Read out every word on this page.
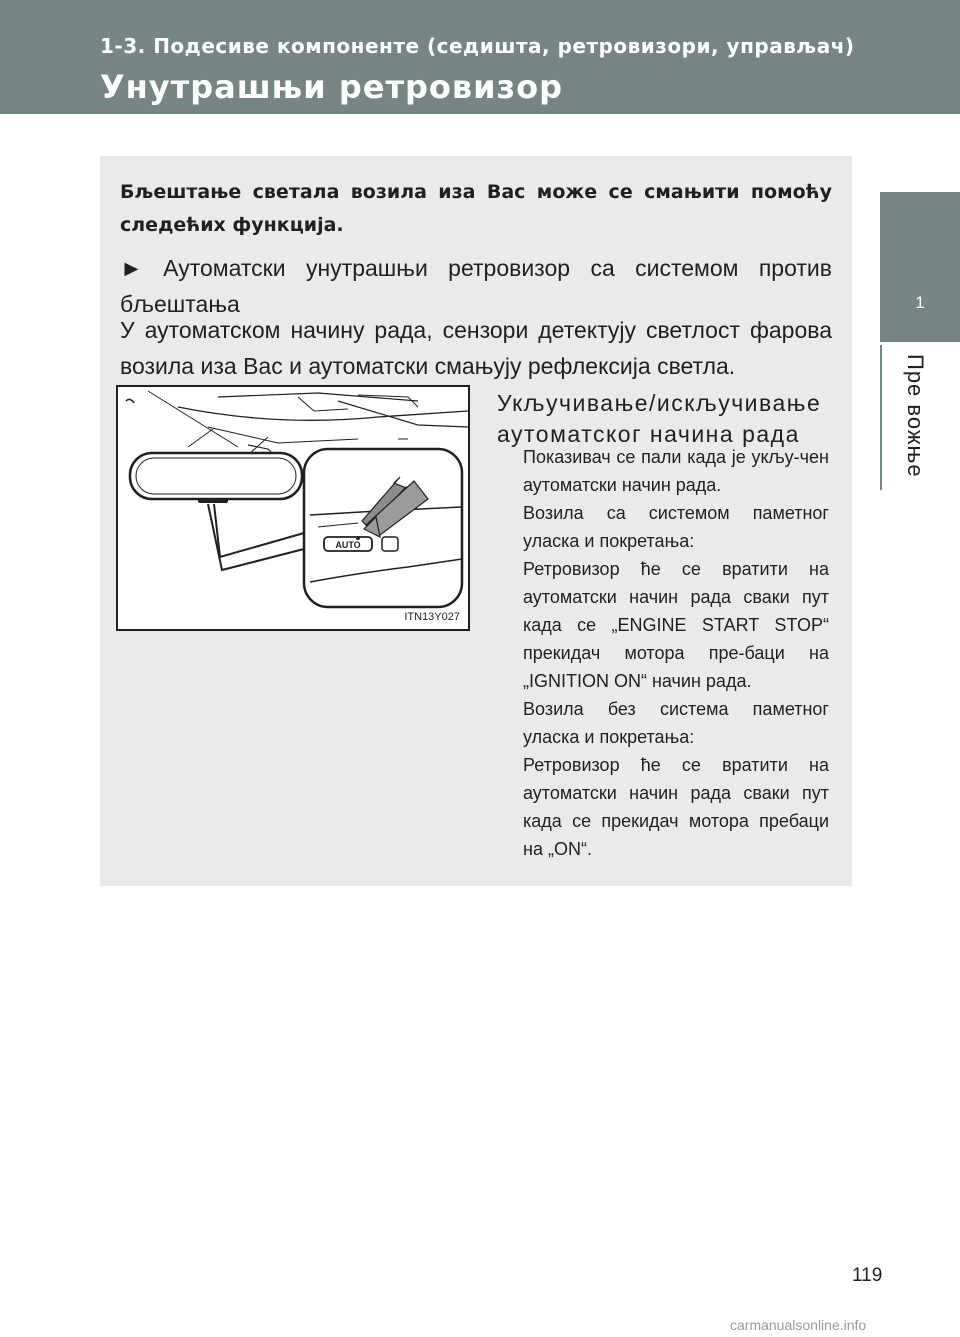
1-3. Подесиве компоненте (седишта, ретровизори, управљач)
Унутрашњи ретровизор
1
Пре вожње
Бљештање светала возила иза Вас може се смањити помоћу следећих функција.
► Аутоматски унутрашњи ретровизор са системом против бљештања
У аутоматском начину рада, сензори детектују светлост фарова возила иза Вас и аутоматски смањују рефлексија светла.
AUTO
ITN13Y027
Укључивање/искључивање аутоматског начина рада

Показивач се пали када је укљу-чен аутоматски начин рада.

Возила са системом паметног уласка и покретања:

Ретровизор ће се вратити на аутоматски начин рада сваки пут када се „ENGINE START STOP“ прекидач мотора пре-баци на „IGNITION ON“ начин рада.

Возила без система паметног уласка и покретања:

Ретровизор ће се вратити на аутоматски начин рада сваки пут када се прекидач мотора пребаци на „ON“.

119
carmanualsonline.info
